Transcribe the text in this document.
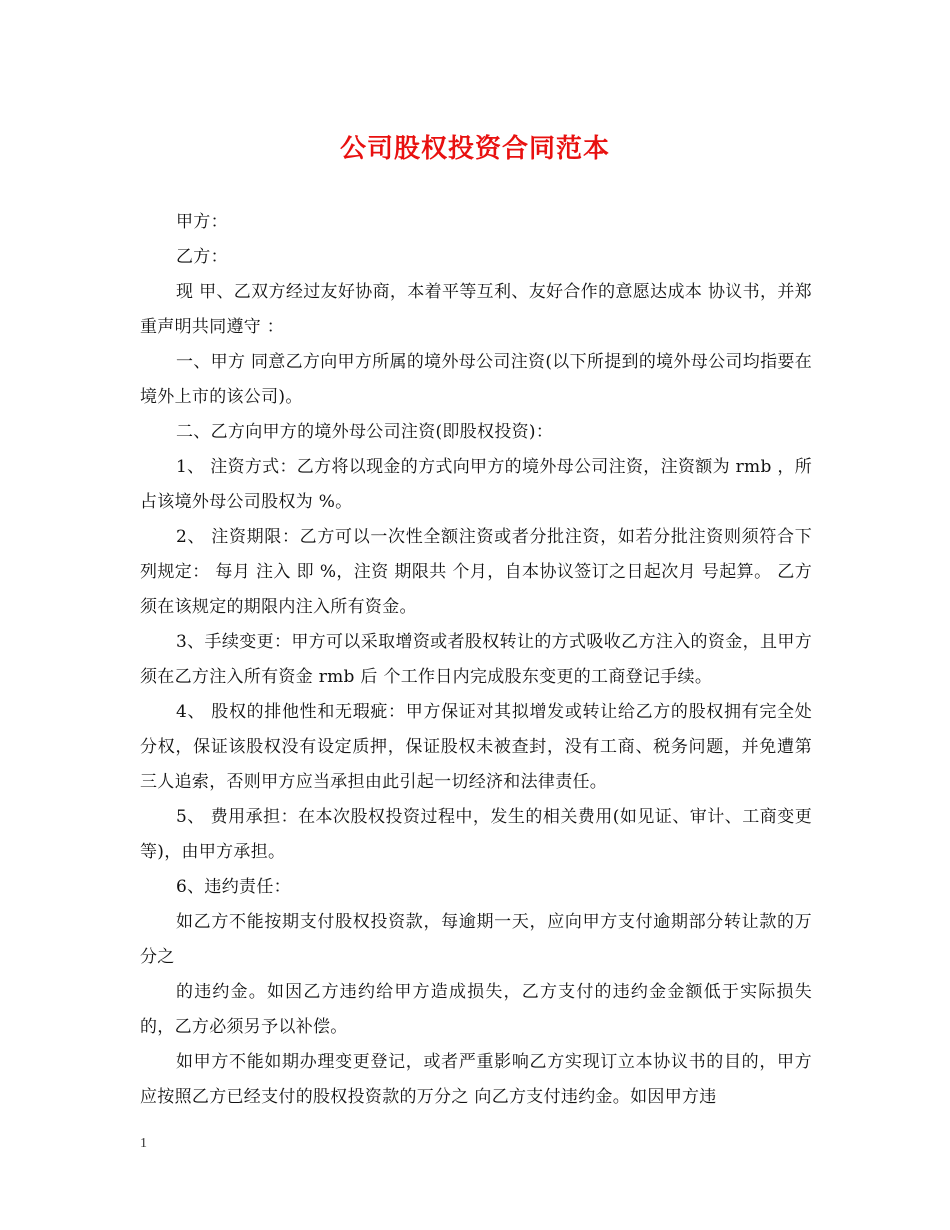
公司股权投资合同范本

甲方：

乙方：

现 甲、乙双方经过友好协商，本着平等互利、友好合作的意愿达成本 协议书，并郑重声明共同遵守 ：

一、甲方 同意乙方向甲方所属的境外母公司注资(以下所提到的境外母公司均指要在境外上市的该公司)。

二、乙方向甲方的境外母公司注资(即股权投资)：

1、 注资方式：乙方将以现金的方式向甲方的境外母公司注资，注资额为 rmb ，所占该境外母公司股权为 %。

2、 注资期限：乙方可以一次性全额注资或者分批注资，如若分批注资则须符合下列规定： 每月 注入 即 %，注资 期限共 个月，自本协议签订之日起次月 号起算。 乙方须在该规定的期限内注入所有资金。

3、手续变更：甲方可以采取增资或者股权转让的方式吸收乙方注入的资金，且甲方须在乙方注入所有资金 rmb 后 个工作日内完成股东变更的工商登记手续。

4、 股权的排他性和无瑕疵：甲方保证对其拟增发或转让给乙方的股权拥有完全处分权，保证该股权没有设定质押，保证股权未被查封，没有工商、税务问题，并免遭第三人追索，否则甲方应当承担由此引起一切经济和法律责任。

5、 费用承担：在本次股权投资过程中，发生的相关费用(如见证、审计、工商变更等)，由甲方承担。

6、违约责任：

如乙方不能按期支付股权投资款，每逾期一天，应向甲方支付逾期部分转让款的万分之

的违约金。如因乙方违约给甲方造成损失，乙方支付的违约金金额低于实际损失的，乙方必须另予以补偿。

如甲方不能如期办理变更登记，或者严重影响乙方实现订立本协议书的目的，甲方应按照乙方已经支付的股权投资款的万分之 向乙方支付违约金。如因甲方违

1
